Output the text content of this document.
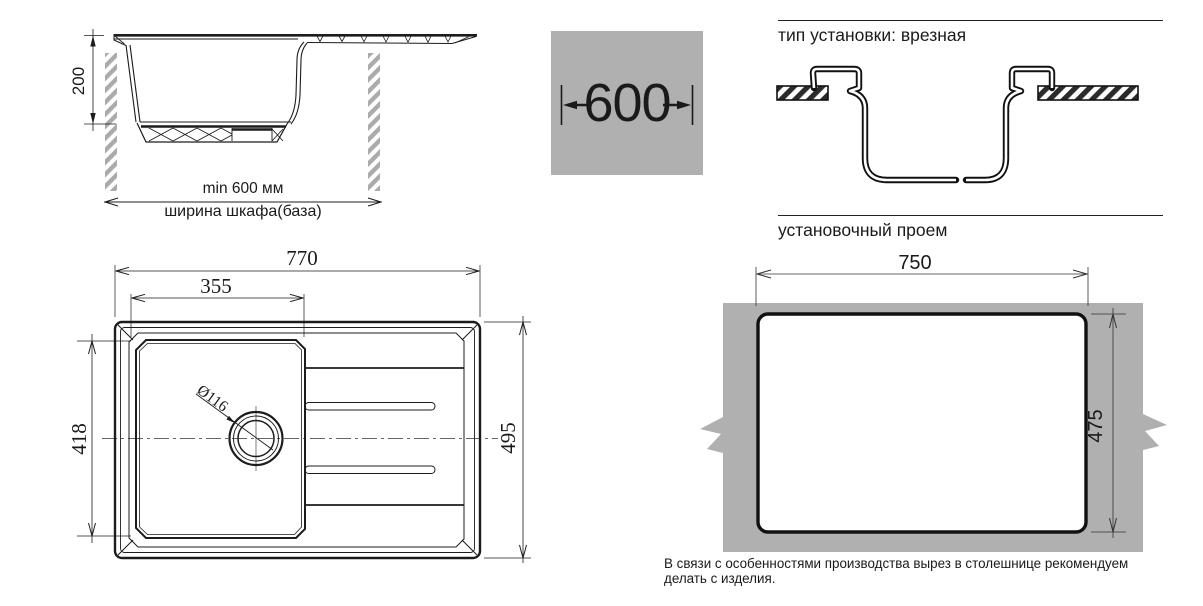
200
min 600 мм
ширина шкафа(база)
600
тип установки: врезная
установочный проем
770
355
418	495
Ø116
750
475
В связи с особенностями производства вырез в столешнице рекомендуем делать с изделия.
